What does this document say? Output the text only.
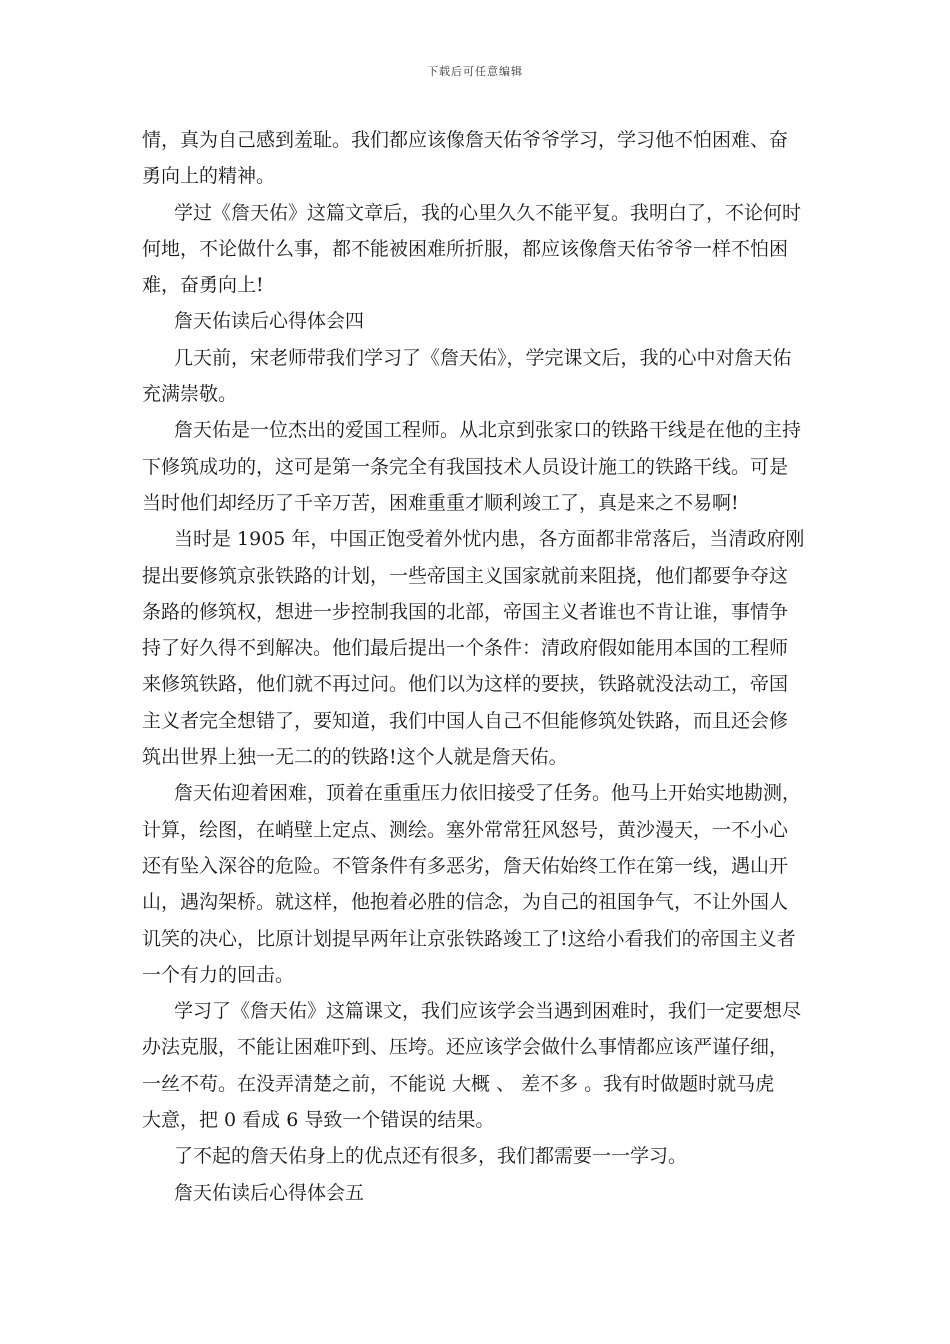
下载后可任意编辑
情，真为自己感到羞耻。我们都应该像詹天佑爷爷学习，学习他不怕困难、奋
勇向上的精神。
学过《詹天佑》这篇文章后，我的心里久久不能平复。我明白了，不论何时
何地，不论做什么事，都不能被困难所折服，都应该像詹天佑爷爷一样不怕困
难，奋勇向上!
詹天佑读后心得体会四
几天前，宋老师带我们学习了《詹天佑》，学完课文后，我的心中对詹天佑
充满崇敬。
詹天佑是一位杰出的爱国工程师。从北京到张家口的铁路干线是在他的主持
下修筑成功的，这可是第一条完全有我国技术人员设计施工的铁路干线。可是
当时他们却经历了千辛万苦，困难重重才顺利竣工了，真是来之不易啊!
当时是 1905 年，中国正饱受着外忧内患，各方面都非常落后，当清政府刚
提出要修筑京张铁路的计划，一些帝国主义国家就前来阻挠，他们都要争夺这
条路的修筑权，想进一步控制我国的北部，帝国主义者谁也不肯让谁，事情争
持了好久得不到解决。他们最后提出一个条件：清政府假如能用本国的工程师
来修筑铁路，他们就不再过问。他们以为这样的要挟，铁路就没法动工，帝国
主义者完全想错了，要知道，我们中国人自己不但能修筑处铁路，而且还会修
筑出世界上独一无二的的铁路!这个人就是詹天佑。
詹天佑迎着困难，顶着在重重压力依旧接受了任务。他马上开始实地勘测，
计算，绘图，在峭壁上定点、测绘。塞外常常狂风怒号，黄沙漫天，一不小心
还有坠入深谷的危险。不管条件有多恶劣，詹天佑始终工作在第一线，遇山开
山，遇沟架桥。就这样，他抱着必胜的信念，为自己的祖国争气，不让外国人
讥笑的决心，比原计划提早两年让京张铁路竣工了!这给小看我们的帝国主义者
一个有力的回击。
学习了《詹天佑》这篇课文，我们应该学会当遇到困难时，我们一定要想尽
办法克服，不能让困难吓到、压垮。还应该学会做什么事情都应该严谨仔细，
一丝不苟。在没弄清楚之前，不能说 大概 、 差不多 。我有时做题时就马虎
大意，把 0 看成 6 导致一个错误的结果。
了不起的詹天佑身上的优点还有很多，我们都需要一一学习。
詹天佑读后心得体会五
